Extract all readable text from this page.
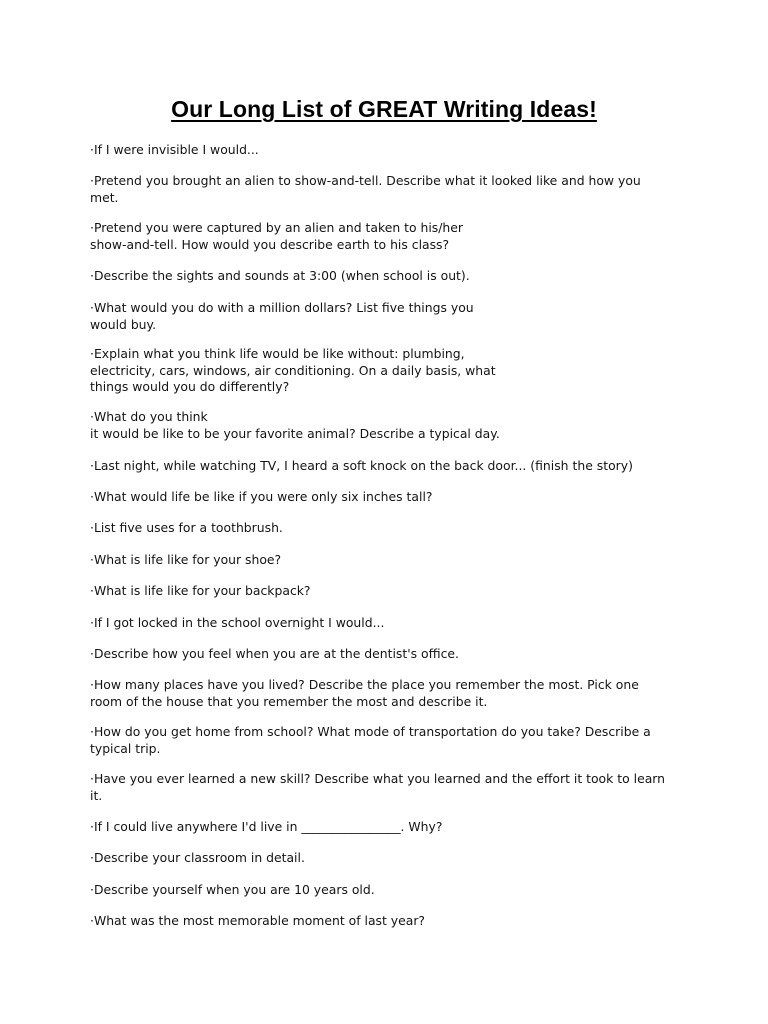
Our Long List of GREAT Writing Ideas!
·If I were invisible I would...
·Pretend you brought an alien to show-and-tell. Describe what it looked like and how you
met.
·Pretend you were captured by an alien and taken to his/her
show-and-tell. How would you describe earth to his class?
·Describe the sights and sounds at 3:00 (when school is out).
·What would you do with a million dollars? List five things you
would buy.
·Explain what you think life would be like without: plumbing,
electricity, cars, windows, air conditioning. On a daily basis, what
things would you do differently?
·What do you think
it would be like to be your favorite animal? Describe a typical day.
·Last night, while watching TV, I heard a soft knock on the back door... (finish the story)
·What would life be like if you were only six inches tall?
·List five uses for a toothbrush.
·What is life like for your shoe?
·What is life like for your backpack?
·If I got locked in the school overnight I would...
·Describe how you feel when you are at the dentist's office.
·How many places have you lived? Describe the place you remember the most. Pick one
room of the house that you remember the most and describe it.
·How do you get home from school? What mode of transportation do you take? Describe a
typical trip.
·Have you ever learned a new skill? Describe what you learned and the effort it took to learn
it.
·If I could live anywhere I'd live in ________________. Why?
·Describe your classroom in detail.
·Describe yourself when you are 10 years old.
·What was the most memorable moment of last year?
